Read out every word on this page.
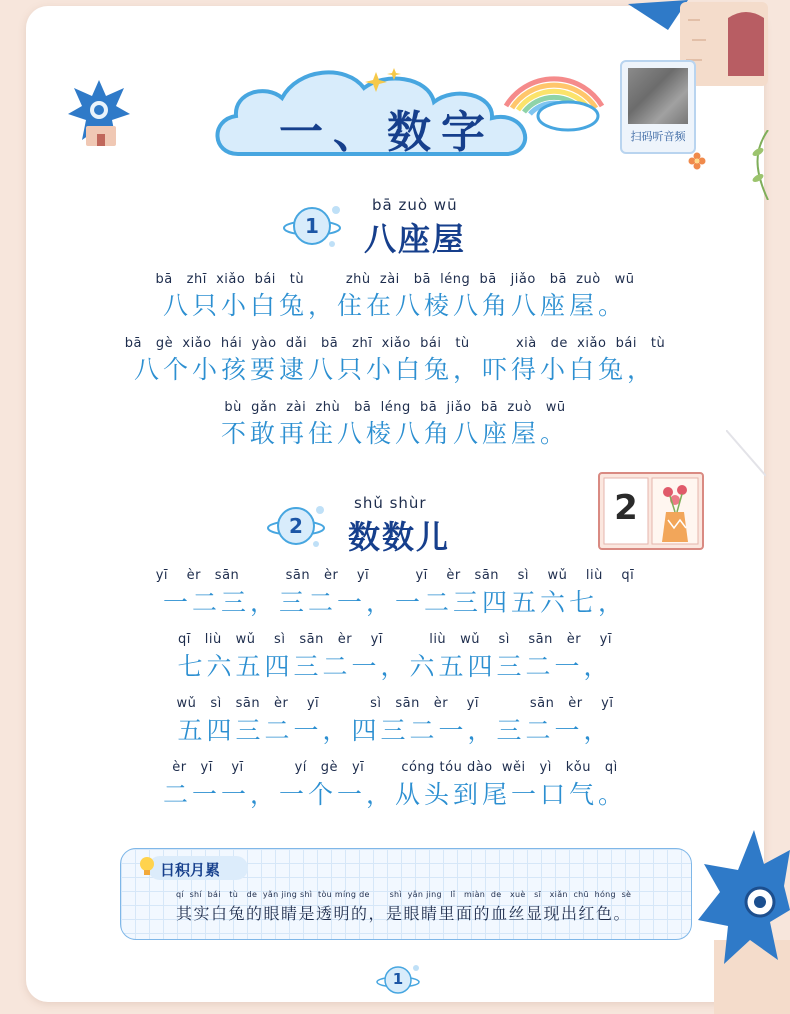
一、数字	扫码听音频
1
bā zuò wū
八座屋
bā   zhī  xiǎo  bái   tù         zhù  zài   bā  léng  bā   jiǎo   bā  zuò   wū
八只小白兔，住在八棱八角八座屋。
bā   gè  xiǎo  hái  yào  dǎi   bā   zhī  xiǎo  bái   tù          xià   de  xiǎo  bái   tù
八个小孩要逮八只小白兔，吓得小白兔，
bù  gǎn  zài  zhù   bā  léng  bā  jiǎo  bā  zuò   wū
不敢再住八棱八角八座屋。
2
shǔ shùr
数数儿
2
yī    èr   sān          sān   èr    yī          yī    èr   sān    sì    wǔ    liù    qī
一二三，三二一，一二三四五六七，
qī   liù   wǔ    sì   sān   èr    yī          liù   wǔ    sì    sān   èr    yī
七六五四三二一，六五四三二一，
wǔ   sì   sān   èr    yī           sì   sān   èr    yī           sān   èr    yī
五四三二一，四三二一，三二一，
èr   yī    yī           yí   gè   yī        cóng tóu dào  wěi   yì   kǒu   qì
二一一，一个一，从头到尾一口气。
日积月累
qí  shí  bái   tù   de  yǎn jing shì  tòu míng de       shì  yǎn jing   lǐ   miàn  de   xuè   sī   xiǎn  chū  hóng  sè
其实白兔的眼睛是透明的，是眼睛里面的血丝显现出红色。
1
